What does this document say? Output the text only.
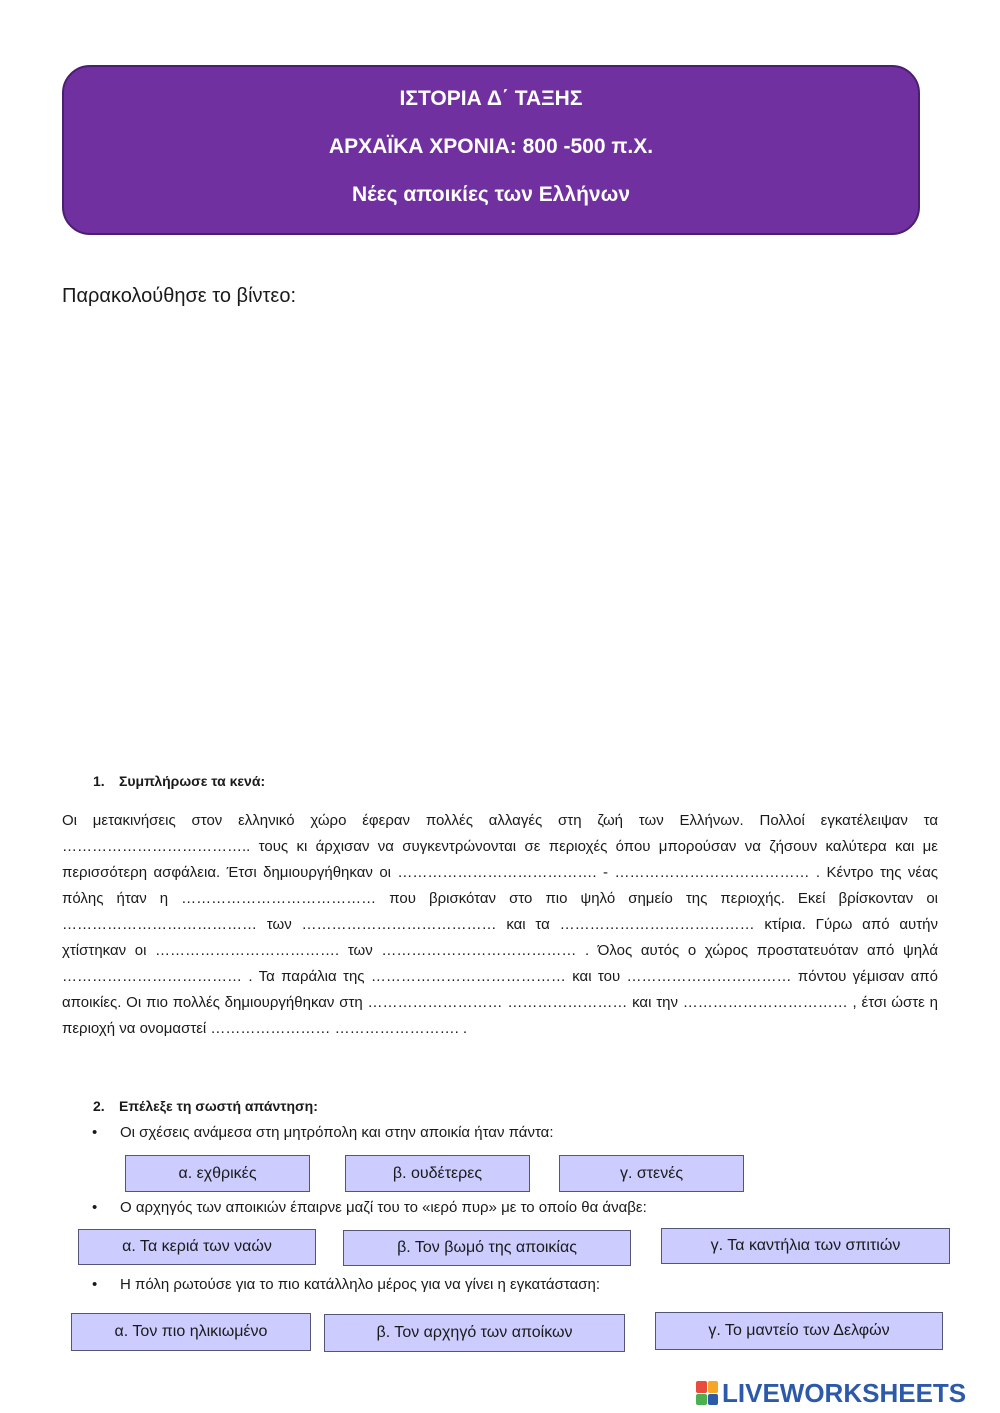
ΙΣΤΟΡΙΑ Δ΄ ΤΑΞΗΣ
ΑΡΧΑΪΚΑ ΧΡΟΝΙΑ: 800 -500 π.Χ.
Νέες αποικίες των Ελλήνων
Παρακολούθησε το βίντεο:
1. Συμπλήρωσε τα κενά:
Οι μετακινήσεις στον ελληνικό χώρο έφεραν πολλές αλλαγές στη ζωή των Ελλήνων. Πολλοί εγκατέλειψαν τα ……………………………….. τους κι άρχισαν να συγκεντρώνονται σε περιοχές όπου μπορούσαν να ζήσουν καλύτερα και με περισσότερη ασφάλεια. Έτσι δημιουργήθηκαν οι …………………………………. - ………………………………… . Κέντρο της νέας πόλης ήταν η ………………………………… που βρισκόταν στο πιο ψηλό σημείο της περιοχής. Εκεί βρίσκονταν οι ………………………………… των ………………………………… και τα ………………………………… κτίρια. Γύρω από αυτήν χτίστηκαν οι ………………………………. των ………………………………… . Όλος αυτός ο χώρος προστατευόταν από ψηλά ……………………………… . Τα παράλια της ………………………………… και του …………………………… πόντου γέμισαν από αποικίες. Οι πιο πολλές δημιουργήθηκαν στη ……………………… …………………… και την …………………………… , έτσι ώστε η περιοχή να ονομαστεί …………………… ……………………. .
2. Επέλεξε τη σωστή απάντηση:
• Οι σχέσεις ανάμεσα στη μητρόπολη και στην αποικία ήταν πάντα:
α. εχθρικές	β. ουδέτερες	γ. στενές
• Ο αρχηγός των αποικιών έπαιρνε μαζί του το «ιερό πυρ» με το οποίο θα άναβε:
α. Τα κεριά των ναών	β. Τον βωμό της αποικίας	γ. Τα καντήλια των σπιτιών
• Η πόλη ρωτούσε για το πιο κατάλληλο μέρος για να γίνει η εγκατάσταση:
α. Τον πιο ηλικιωμένο	β. Τον αρχηγό των αποίκων	γ. Το μαντείο των Δελφών
LIVEWORKSHEETS
